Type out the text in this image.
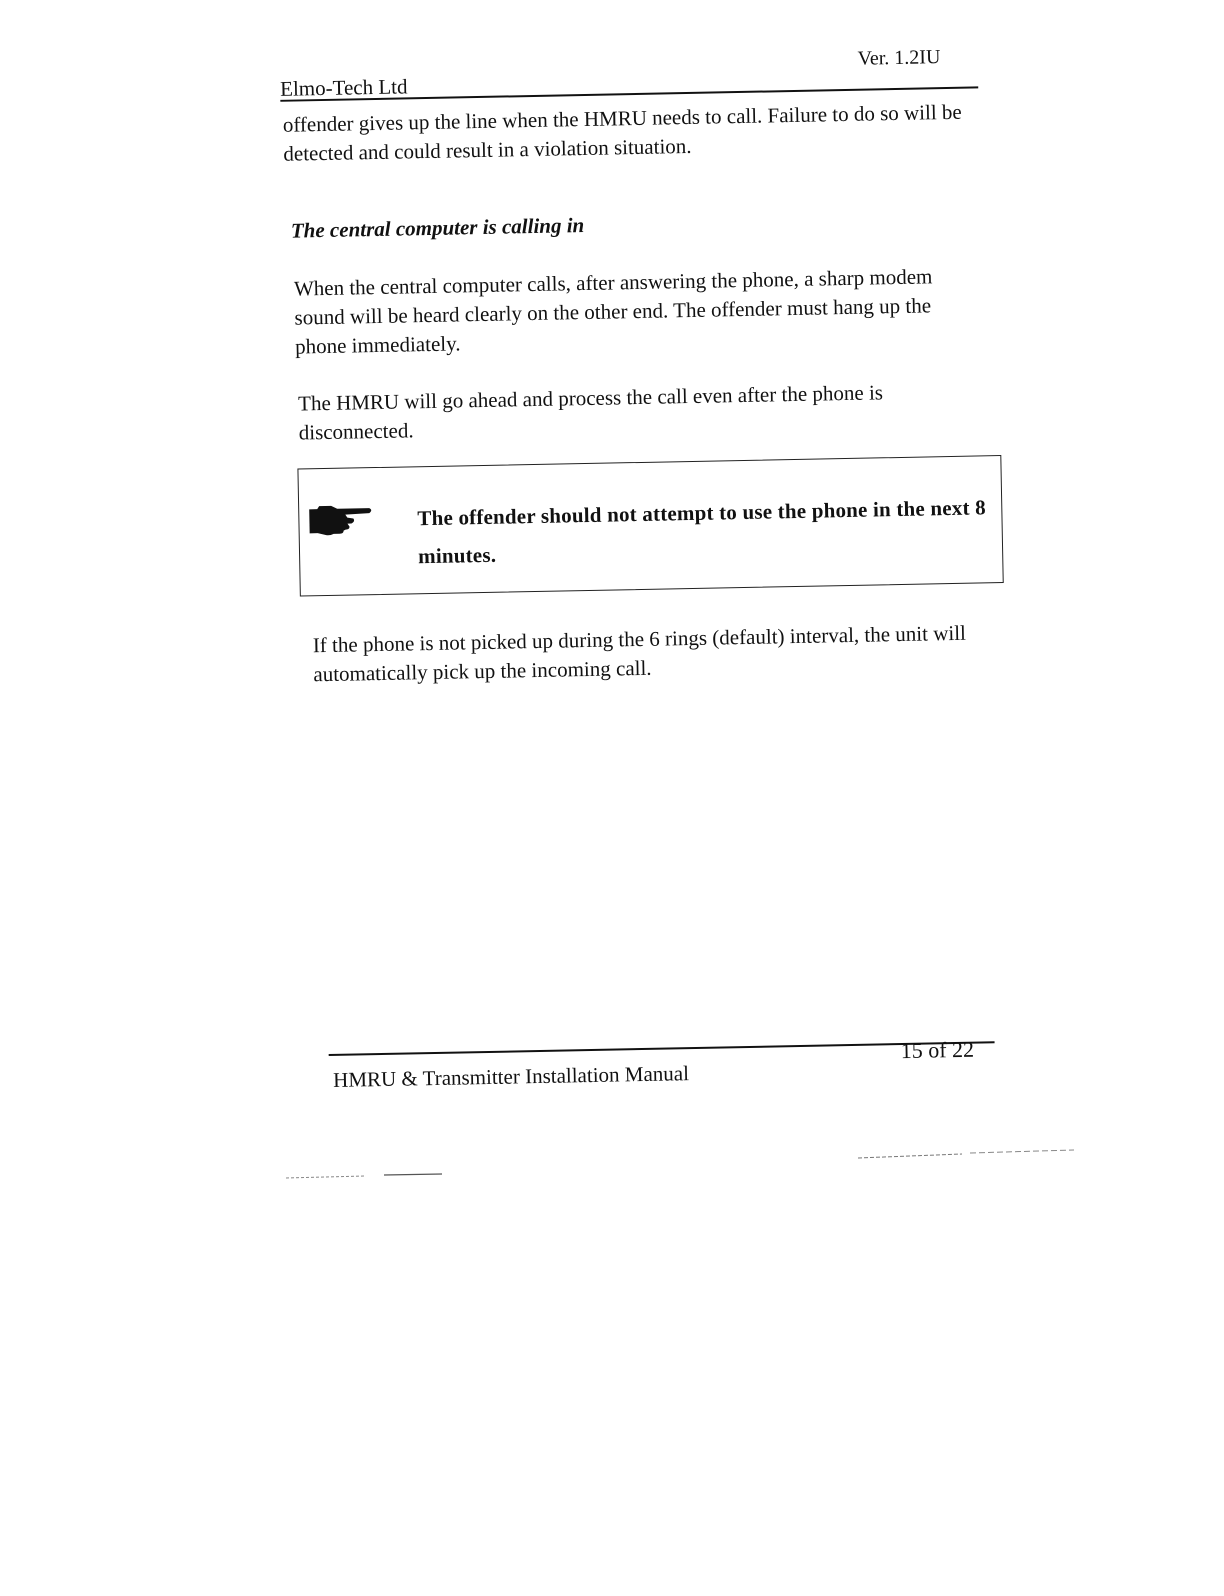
Elmo-Tech Ltd
Ver. 1.2IU
offender gives up the line when the HMRU needs to call. Failure to do so will be detected and could result in a violation situation.
The central computer is calling in
When the central computer calls, after answering the phone, a sharp modem sound will be heard clearly on the other end. The offender must hang up the phone immediately.
The HMRU will go ahead and process the call even after the phone is disconnected.
The offender should not attempt to use the phone in the next 8 minutes.
If the phone is not picked up during the 6 rings (default) interval, the unit will automatically pick up the incoming call.
HMRU & Transmitter Installation Manual
15 of 22
